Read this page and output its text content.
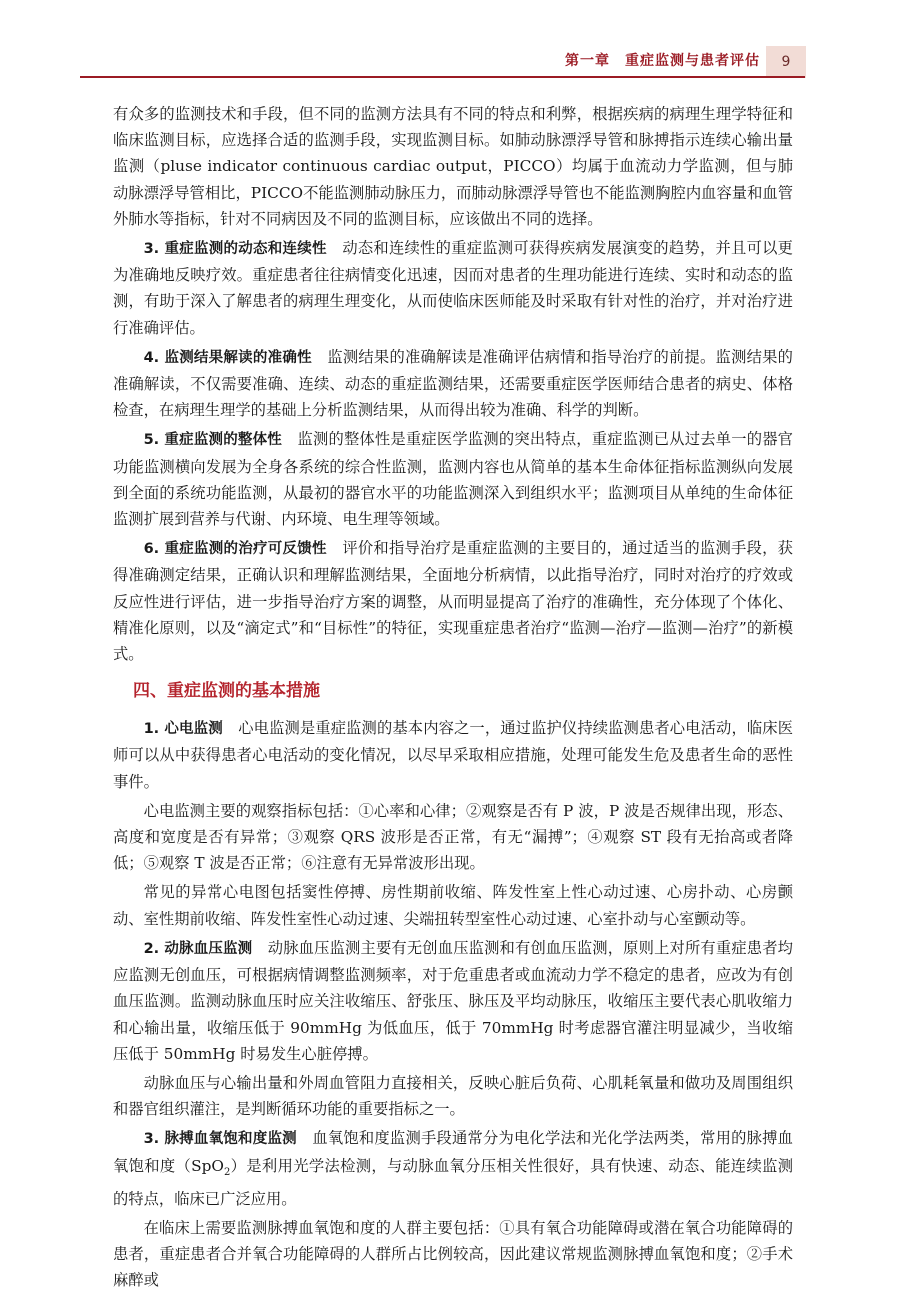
第一章　重症监测与患者评估	9

有众多的监测技术和手段，但不同的监测方法具有不同的特点和利弊，根据疾病的病理生理学特征和临床监测目标，应选择合适的监测手段，实现监测目标。如肺动脉漂浮导管和脉搏指示连续心输出量监测（pluse indicator continuous cardiac output，PICCO）均属于血流动力学监测，但与肺动脉漂浮导管相比，PICCO不能监测肺动脉压力，而肺动脉漂浮导管也不能监测胸腔内血容量和血管外肺水等指标，针对不同病因及不同的监测目标，应该做出不同的选择。

3. 重症监测的动态和连续性　动态和连续性的重症监测可获得疾病发展演变的趋势，并且可以更为准确地反映疗效。重症患者往往病情变化迅速，因而对患者的生理功能进行连续、实时和动态的监测，有助于深入了解患者的病理生理变化，从而使临床医师能及时采取有针对性的治疗，并对治疗进行准确评估。

4. 监测结果解读的准确性　监测结果的准确解读是准确评估病情和指导治疗的前提。监测结果的准确解读，不仅需要准确、连续、动态的重症监测结果，还需要重症医学医师结合患者的病史、体格检查，在病理生理学的基础上分析监测结果，从而得出较为准确、科学的判断。

5. 重症监测的整体性　监测的整体性是重症医学监测的突出特点，重症监测已从过去单一的器官功能监测横向发展为全身各系统的综合性监测，监测内容也从简单的基本生命体征指标监测纵向发展到全面的系统功能监测，从最初的器官水平的功能监测深入到组织水平；监测项目从单纯的生命体征监测扩展到营养与代谢、内环境、电生理等领域。

6. 重症监测的治疗可反馈性　评价和指导治疗是重症监测的主要目的，通过适当的监测手段，获得准确测定结果，正确认识和理解监测结果，全面地分析病情，以此指导治疗，同时对治疗的疗效或反应性进行评估，进一步指导治疗方案的调整，从而明显提高了治疗的准确性，充分体现了个体化、精准化原则，以及“滴定式”和“目标性”的特征，实现重症患者治疗“监测—治疗—监测—治疗”的新模式。

四、重症监测的基本措施

1. 心电监测　心电监测是重症监测的基本内容之一，通过监护仪持续监测患者心电活动，临床医师可以从中获得患者心电活动的变化情况，以尽早采取相应措施，处理可能发生危及患者生命的恶性事件。

心电监测主要的观察指标包括：①心率和心律；②观察是否有 P 波，P 波是否规律出现，形态、高度和宽度是否有异常；③观察 QRS 波形是否正常，有无“漏搏”；④观察 ST 段有无抬高或者降低；⑤观察 T 波是否正常；⑥注意有无异常波形出现。

常见的异常心电图包括窦性停搏、房性期前收缩、阵发性室上性心动过速、心房扑动、心房颤动、室性期前收缩、阵发性室性心动过速、尖端扭转型室性心动过速、心室扑动与心室颤动等。

2. 动脉血压监测　动脉血压监测主要有无创血压监测和有创血压监测，原则上对所有重症患者均应监测无创血压，可根据病情调整监测频率，对于危重患者或血流动力学不稳定的患者，应改为有创血压监测。监测动脉血压时应关注收缩压、舒张压、脉压及平均动脉压，收缩压主要代表心肌收缩力和心输出量，收缩压低于 90mmHg 为低血压，低于 70mmHg 时考虑器官灌注明显减少，当收缩压低于 50mmHg 时易发生心脏停搏。

动脉血压与心输出量和外周血管阻力直接相关，反映心脏后负荷、心肌耗氧量和做功及周围组织和器官组织灌注，是判断循环功能的重要指标之一。

3. 脉搏血氧饱和度监测　血氧饱和度监测手段通常分为电化学法和光化学法两类，常用的脉搏血氧饱和度（SpO$_2$）是利用光学法检测，与动脉血氧分压相关性很好，具有快速、动态、能连续监测的特点，临床已广泛应用。

在临床上需要监测脉搏血氧饱和度的人群主要包括：①具有氧合功能障碍或潜在氧合功能障碍的患者，重症患者合并氧合功能障碍的人群所占比例较高，因此建议常规监测脉搏血氧饱和度；②手术麻醉或
